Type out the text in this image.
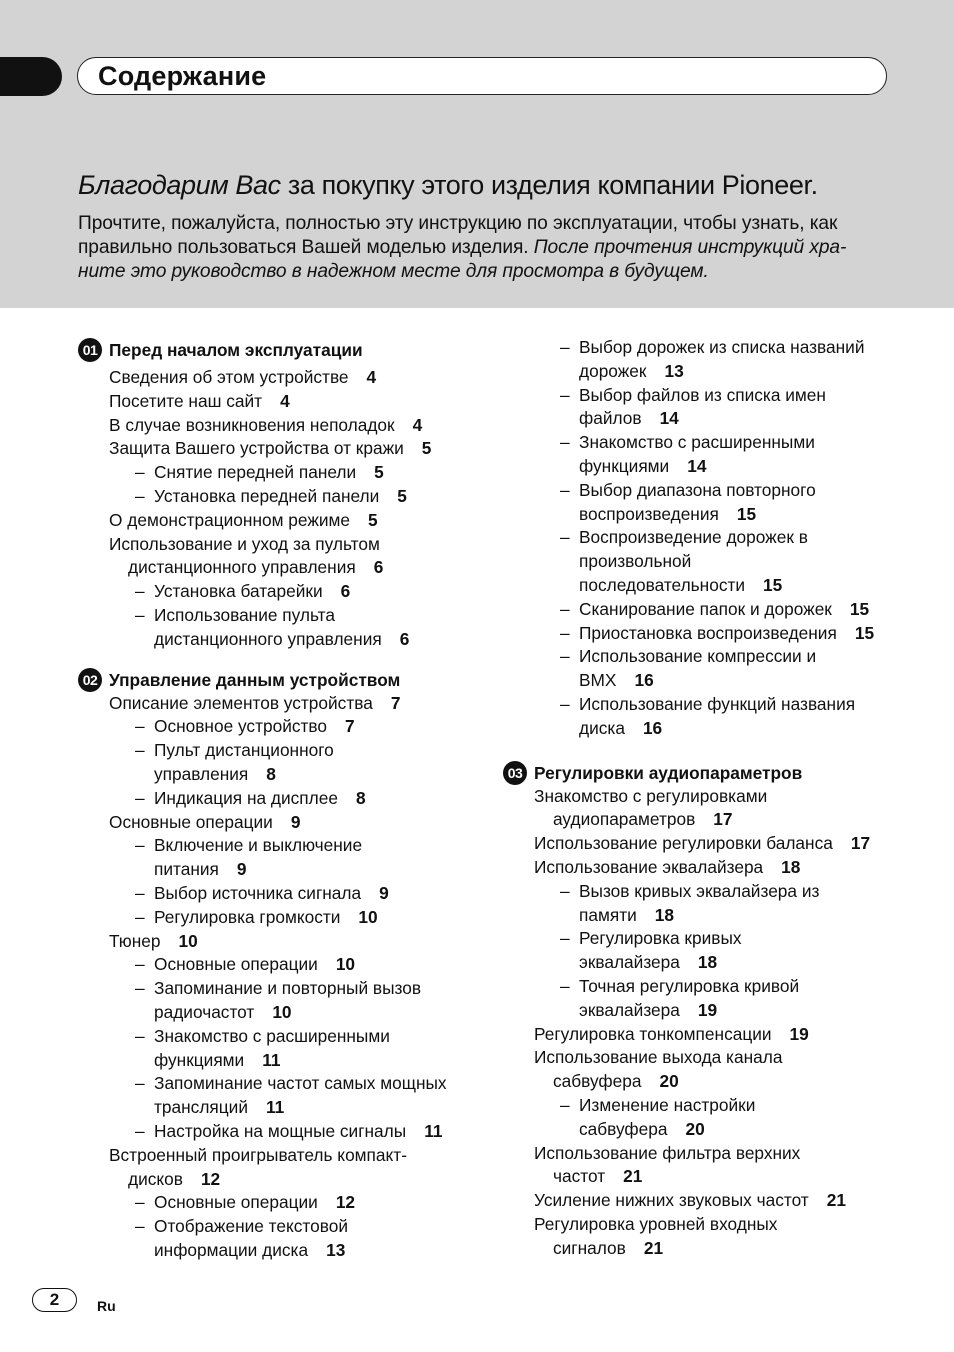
Содержание
Благодарим Вас за покупку этого изделия компании Pioneer.
Прочтите, пожалуйста, полностью эту инструкцию по эксплуатации, чтобы узнать, как правильно пользоваться Вашей моделью изделия. После прочтения инструкций хра-ните это руководство в надежном месте для просмотра в будущем.
01 Перед началом эксплуатации
Сведения об этом устройстве 4
Посетите наш сайт 4
В случае возникновения неполадок 4
Защита Вашего устройства от кражи 5
– Снятие передней панели 5
– Установка передней панели 5
О демонстрационном режиме 5
Использование и уход за пультом
дистанционного управления 6
– Установка батарейки 6
– Использование пульта
дистанционного управления 6
02 Управление данным устройством
Описание элементов устройства 7
– Основное устройство 7
– Пульт дистанционного
управления 8
– Индикация на дисплее 8
Основные операции 9
– Включение и выключение
питания 9
– Выбор источника сигнала 9
– Регулировка громкости 10
Тюнер 10
– Основные операции 10
– Запоминание и повторный вызов
радиочастот 10
– Знакомство с расширенными
функциями 11
– Запоминание частот самых мощных
трансляций 11
– Настройка на мощные сигналы 11
Встроенный проигрыватель компакт-
дисков 12
– Основные операции 12
– Отображение текстовой
информации диска 13
– Выбор дорожек из списка названий
дорожек 13
– Выбор файлов из списка имен
файлов 14
– Знакомство с расширенными
функциями 14
– Выбор диапазона повторного
воспроизведения 15
– Воспроизведение дорожек в
произвольной
последовательности 15
– Сканирование папок и дорожек 15
– Приостановка воспроизведения 15
– Использование компрессии и
BMX 16
– Использование функций названия
диска 16
03 Регулировки аудиопараметров
Знакомство с регулировками
аудиопараметров 17
Использование регулировки баланса 17
Использование эквалайзера 18
– Вызов кривых эквалайзера из
памяти 18
– Регулировка кривых
эквалайзера 18
– Точная регулировка кривой
эквалайзера 19
Регулировка тонкомпенсации 19
Использование выхода канала
сабвуфера 20
– Изменение настройки
сабвуфера 20
Использование фильтра верхних
частот 21
Усиление нижних звуковых частот 21
Регулировка уровней входных
сигналов 21
2	Ru
